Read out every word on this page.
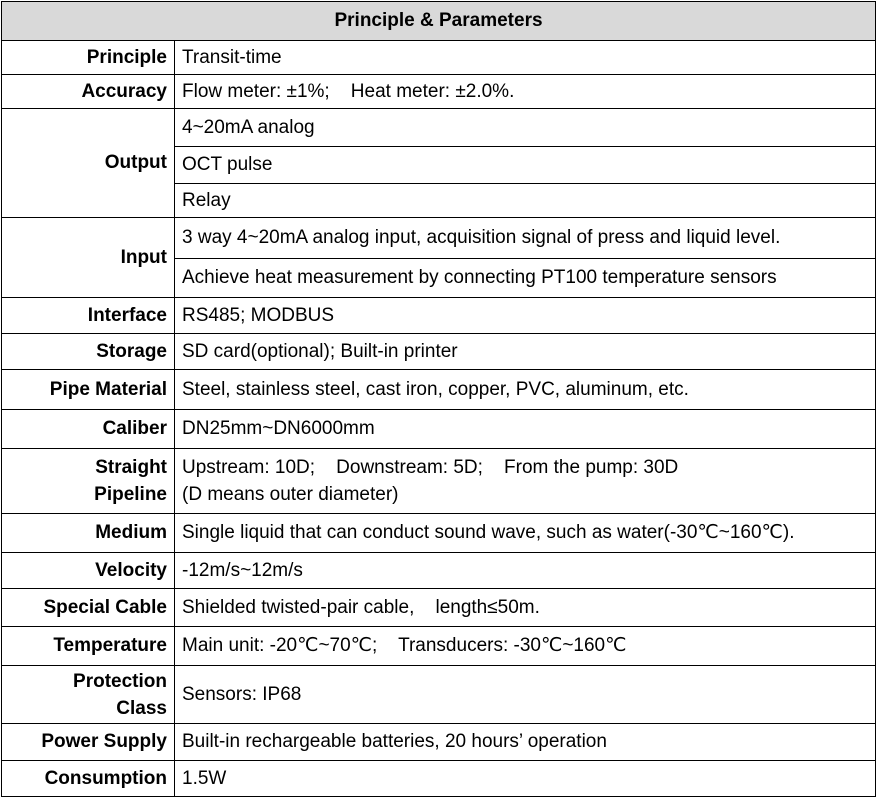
Principle & Parameters	
Principle	Transit-time
Accuracy	Flow meter: ±1%;    Heat meter: ±2.0%.
Output	4~20mA analog
	OCT pulse
	Relay
Input	3 way 4~20mA analog input, acquisition signal of press and liquid level.
	Achieve heat measurement by connecting PT100 temperature sensors
Interface	RS485; MODBUS
Storage	SD card(optional); Built-in printer
Pipe Material	Steel, stainless steel, cast iron, copper, PVC, aluminum, etc.
Caliber	DN25mm~DN6000mm
Straight
Pipeline	Upstream: 10D;    Downstream: 5D;    From the pump: 30D
(D means outer diameter)
Medium	Single liquid that can conduct sound wave, such as water(-30℃~160℃).
Velocity	-12m/s~12m/s
Special Cable	Shielded twisted-pair cable,    length≤50m.
Temperature	Main unit: -20℃~70℃;    Transducers: -30℃~160℃
Protection
Class	Sensors: IP68
Power Supply	Built-in rechargeable batteries, 20 hours’ operation
Consumption	1.5W
